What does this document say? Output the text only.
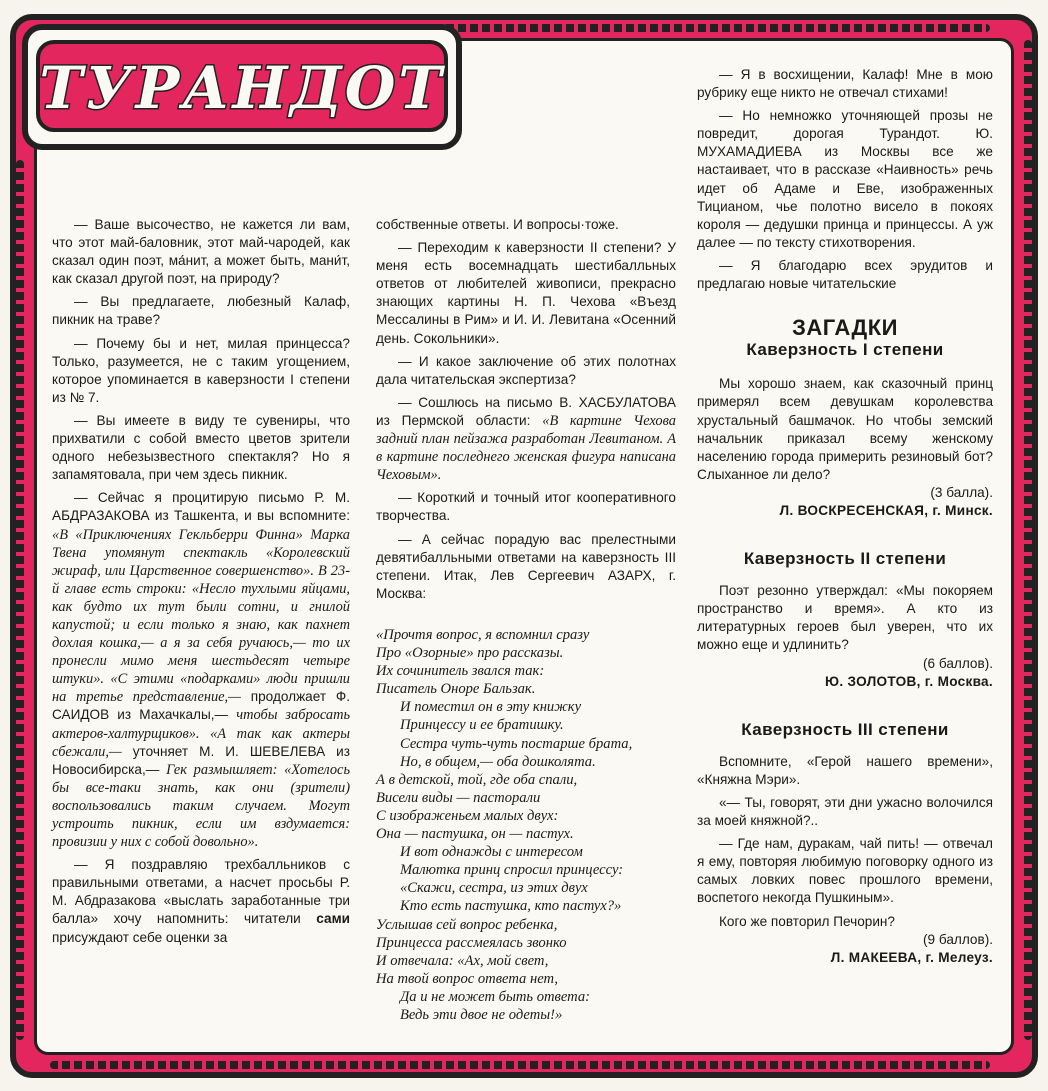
ТУРАНДОТ

— Ваше высочество, не кажется ли вам, что этот май-баловник, этот май-чародей, как сказал один поэт, ма́нит, а может быть, мани́т, как сказал другой поэт, на природу?

— Вы предлагаете, любезный Калаф, пикник на траве?

— Почему бы и нет, милая принцесса? Только, разумеется, не с таким угощением, которое упоминается в каверзности I степени из № 7.

— Вы имеете в виду те сувениры, что прихватили с собой вместо цветов зрители одного небезызвестного спектакля? Но я запамятовала, при чем здесь пикник.

— Сейчас я процитирую письмо Р. М. АБДРАЗАКОВА из Ташкента, и вы вспомните: «В «Приключениях Гекльберри Финна» Марка Твена упомянут спектакль «Королевский жираф, или Царственное совершенство». В 23-й главе есть строки: «Несло тухлыми яйцами, как будто их тут были сотни, и гнилой капустой; и если только я знаю, как пахнет дохлая кошка,— а я за себя ручаюсь,— то их пронесли мимо меня шестьдесят четыре штуки». «С этими «подарками» люди пришли на третье представление,— продолжает Ф. САИДОВ из Махачкалы,— чтобы забросать актеров-халтурщиков». «А так как актеры сбежали,— уточняет М. И. ШЕВЕЛЕВА из Новосибирска,— Гек размышляет: «Хотелось бы все-таки знать, как они (зрители) воспользовались таким случаем. Могут устроить пикник, если им вздумается: провизии у них с собой довольно».

— Я поздравляю трехбалльников с правильными ответами, а насчет просьбы Р. М. Абдразакова «выслать заработанные три балла» хочу напомнить: читатели сами присуждают себе оценки за

собственные ответы. И вопросы·тоже.

— Переходим к каверзности II степени? У меня есть восемнадцать шестибалльных ответов от любителей живописи, прекрасно знающих картины Н. П. Чехова «Въезд Мессалины в Рим» и И. И. Левитана «Осенний день. Сокольники».

— И какое заключение об этих полотнах дала читательская экспертиза?

— Сошлюсь на письмо В. ХАСБУЛАТОВА из Пермской области: «В картине Чехова задний план пейзажа разработан Левитаном. А в картине последнего женская фигура написана Чеховым».

— Короткий и точный итог кооперативного творчества.

— А сейчас порадую вас прелестными девятибалльными ответами на каверзность III степени. Итак, Лев Сергеевич АЗАРХ, г. Москва:

«Прочтя вопрос, я вспомнил сразу
Про «Озорные» про рассказы.
Их сочинитель звался так:
Писатель Оноре Бальзак.
И поместил он в эту книжку
Принцессу и ее братишку.
Сестра чуть-чуть постарше брата,
Но, в общем,— оба дошколята.
А в детской, той, где оба спали,
Висели виды — пасторали
С изображеньем малых двух:
Она — пастушка, он — пастух.
И вот однажды с интересом
Малютка принц спросил принцессу:
«Скажи, сестра, из этих двух
Кто есть пастушка, кто пастух?»
Услышав сей вопрос ребенка,
Принцесса рассмеялась звонко
И отвечала: «Ах, мой свет,
На твой вопрос ответа нет,
Да и не может быть ответа:
Ведь эти двое не одеты!»

— Я в восхищении, Калаф! Мне в мою рубрику еще никто не отвечал стихами!

— Но немножко уточняющей прозы не повредит, дорогая Турандот. Ю. МУХАМАДИЕВА из Москвы все же настаивает, что в рассказе «Наивность» речь идет об Адаме и Еве, изображенных Тицианом, чье полотно висело в покоях короля — дедушки принца и принцессы. А уж далее — по тексту стихотворения.

— Я благодарю всех эрудитов и предлагаю новые читательские

ЗАГАДКИ
Каверзность I степени

Мы хорошо знаем, как сказочный принц примерял всем девушкам королевства хрустальный башмачок. Но чтобы земский начальник приказал всему женскому населению города примерить резиновый бот? Слыханное ли дело?

(3 балла).
Л. ВОСКРЕСЕНСКАЯ, г. Минск.
Каверзность II степени

Поэт резонно утверждал: «Мы покоряем пространство и время». А кто из литературных героев был уверен, что их можно еще и удлинить?

(6 баллов).
Ю. ЗОЛОТОВ, г. Москва.
Каверзность III степени

Вспомните, «Герой нашего времени», «Княжна Мэри».

«— Ты, говорят, эти дни ужасно волочился за моей княжной?..

— Где нам, дуракам, чай пить! — отвечал я ему, повторяя любимую поговорку одного из самых ловких повес прошлого времени, воспетого некогда Пушкиным».

Кого же повторил Печорин?

(9 баллов).
Л. МАКЕЕВА, г. Мелеуз.
